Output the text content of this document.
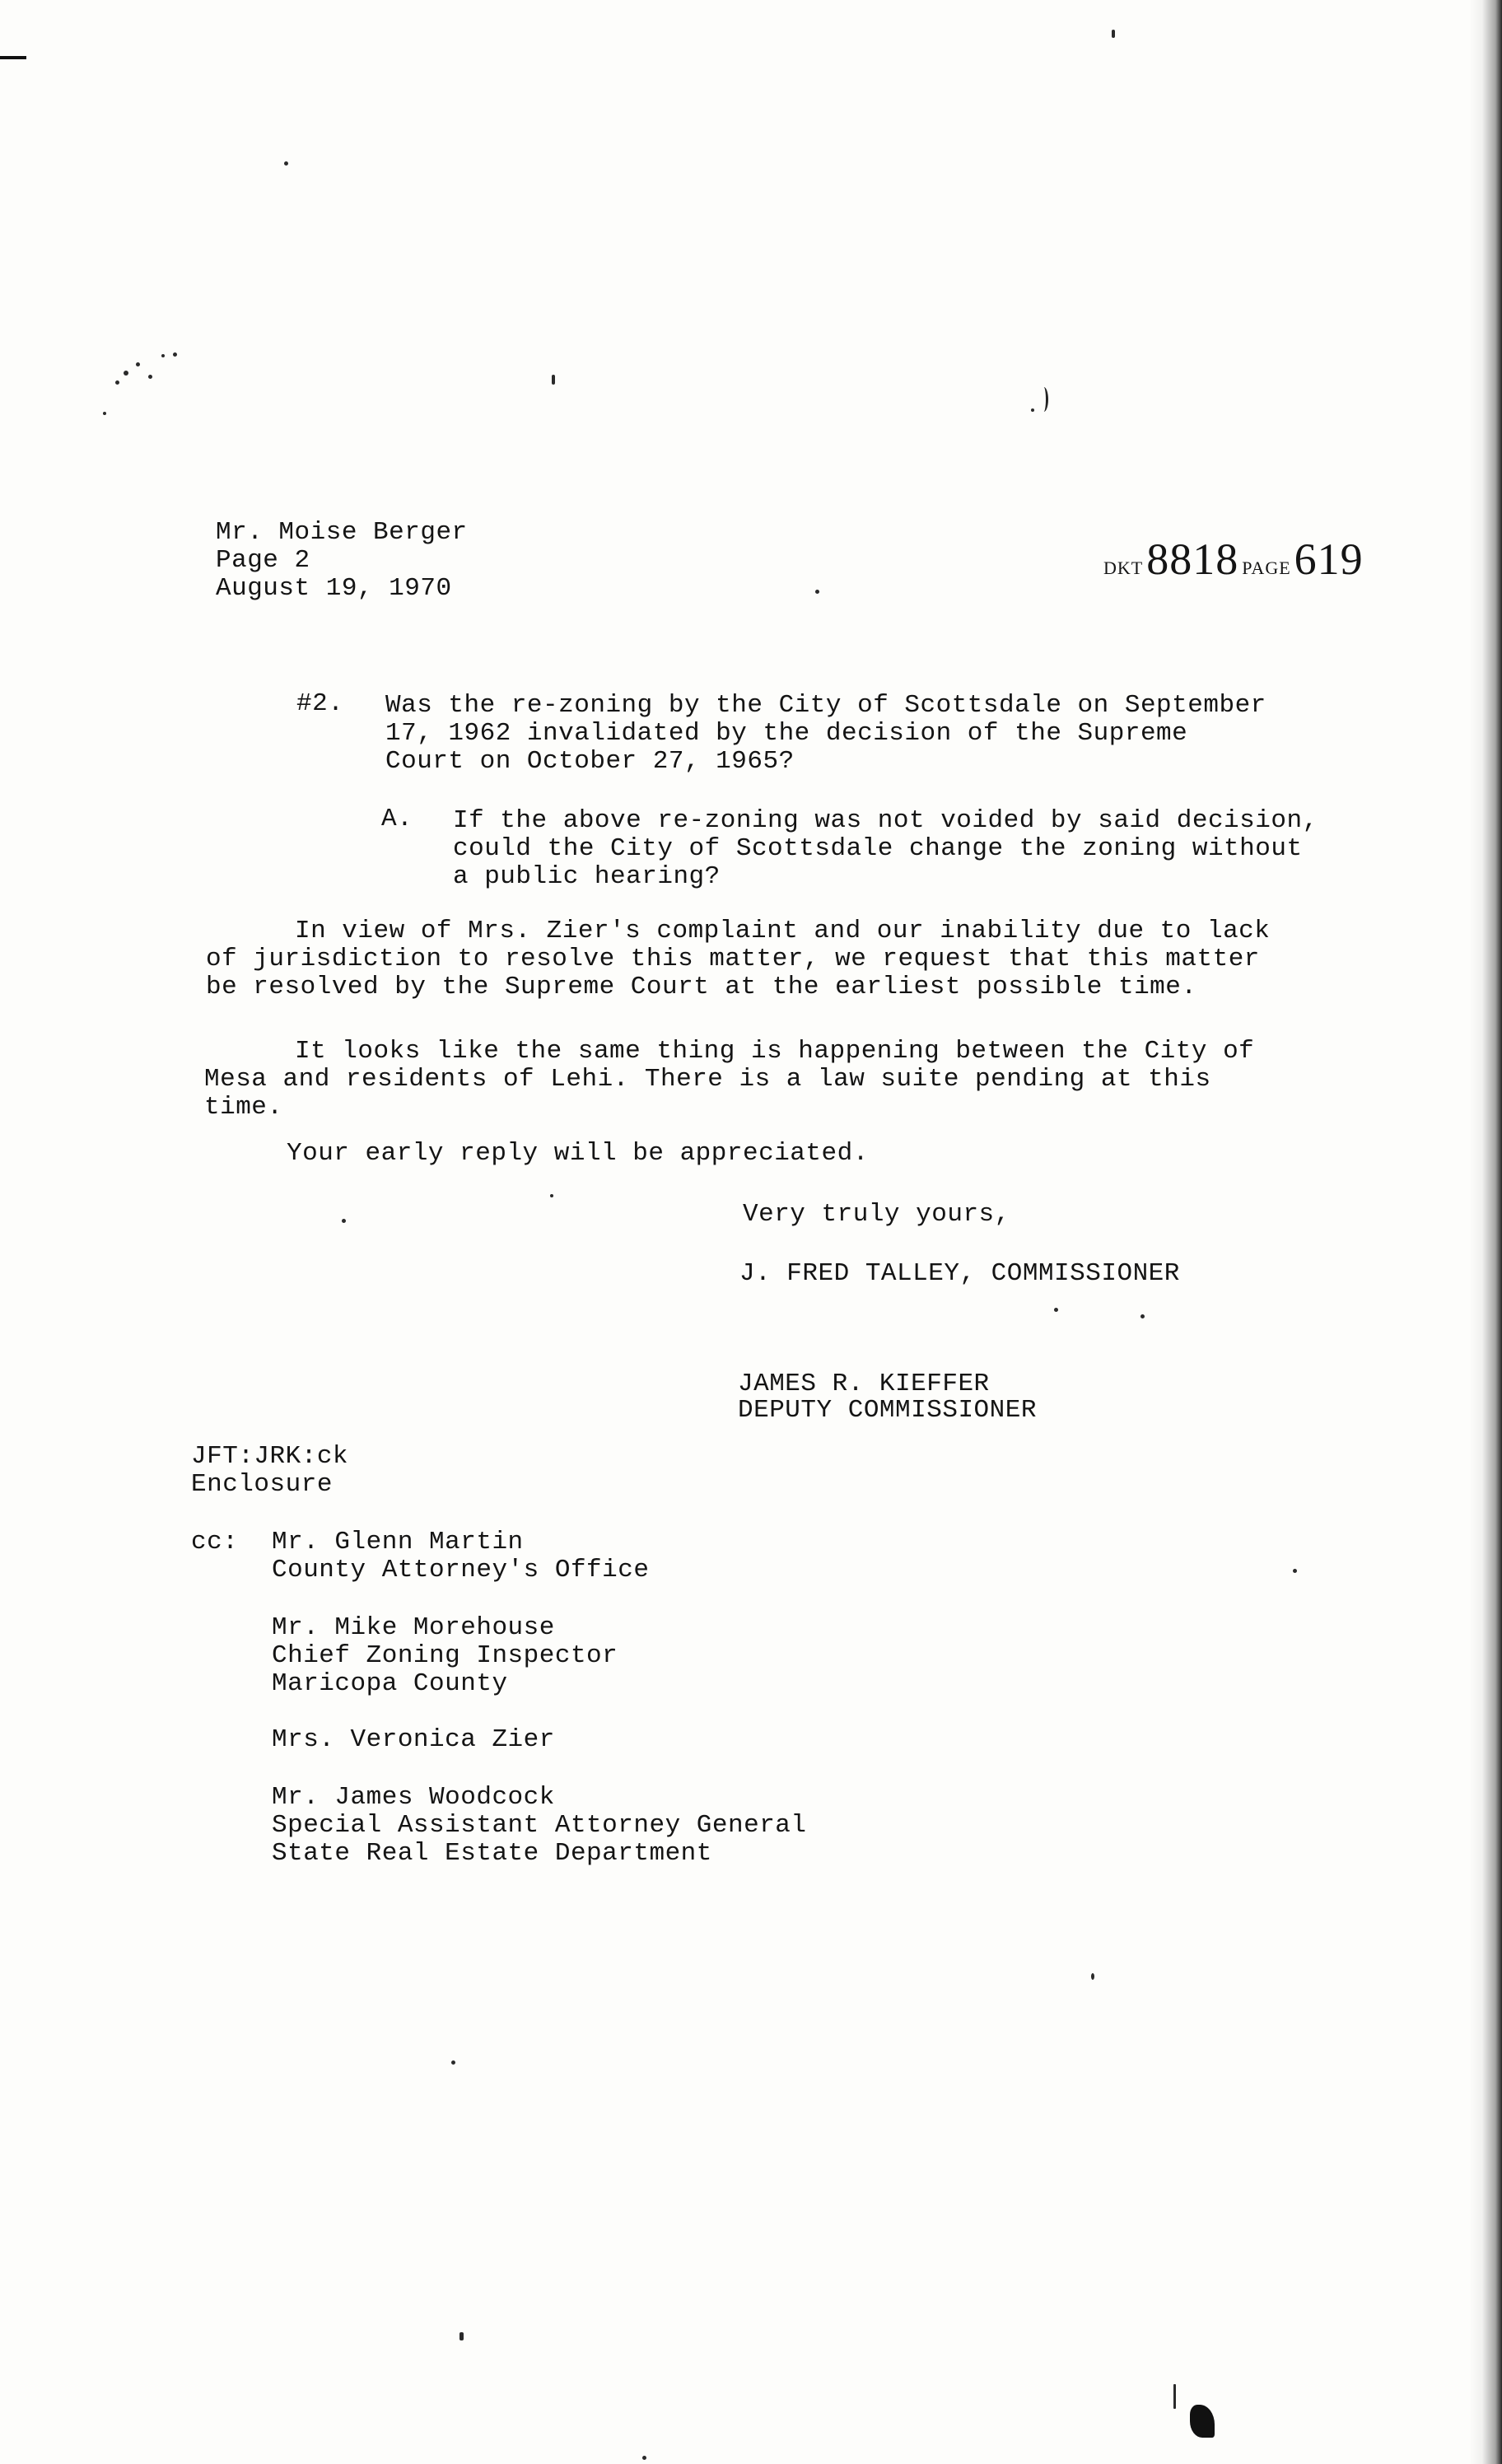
Mr. Moise Berger
Page 2
August 19, 1970
DKT 8818 PAGE 619
#2. Was the re-zoning by the City of Scottsdale on September
17, 1962 invalidated by the decision of the Supreme
Court on October 27, 1965?
A. If the above re-zoning was not voided by said decision,
could the City of Scottsdale change the zoning without
a public hearing?
In view of Mrs. Zier's complaint and our inability due to lack
of jurisdiction to resolve this matter, we request that this matter
be resolved by the Supreme Court at the earliest possible time.
It looks like the same thing is happening between the City of
Mesa and residents of Lehi. There is a law suite pending at this
time.
Your early reply will be appreciated.
Very truly yours,
J. FRED TALLEY, COMMISSIONER
JAMES R. KIEFFER
DEPUTY COMMISSIONER
JFT:JRK:ck
Enclosure
cc: Mr. Glenn Martin
County Attorney's Office
Mr. Mike Morehouse
Chief Zoning Inspector
Maricopa County
Mrs. Veronica Zier
Mr. James Woodcock
Special Assistant Attorney General
State Real Estate Department
